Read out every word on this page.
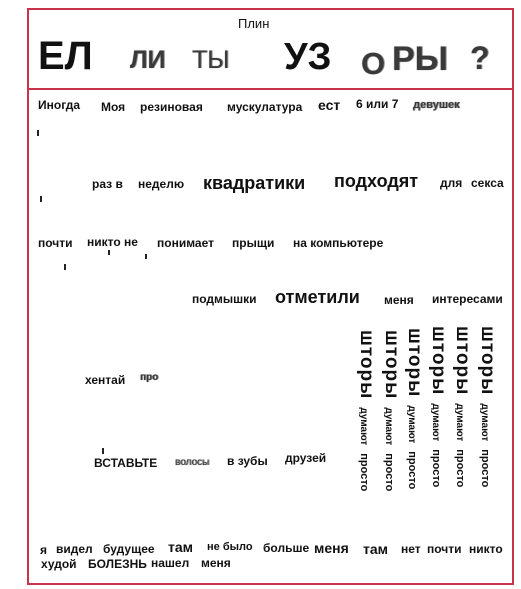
Плин
ЕЛ ЛИ ТЫ УЗ О РЫ ?
Иногда Моя резиновая мускулатура ест 6 или 7 девушек
раз в неделю квадратики подходят для секса
почти никто не понимает прыщи на компьютере
подмышки отметили меня интересами
хентай про
ВСТАВЬТЕ волосы в зубы друзей
шторы
думают
просто
шторы
думают
просто
шторы
думают
просто
шторы
думают
просто
шторы
думают
просто
шторы
думают
просто
я видел будущее там не было больше меня там нет почти никто
худой БОЛЕЗНЬ нашел меня
